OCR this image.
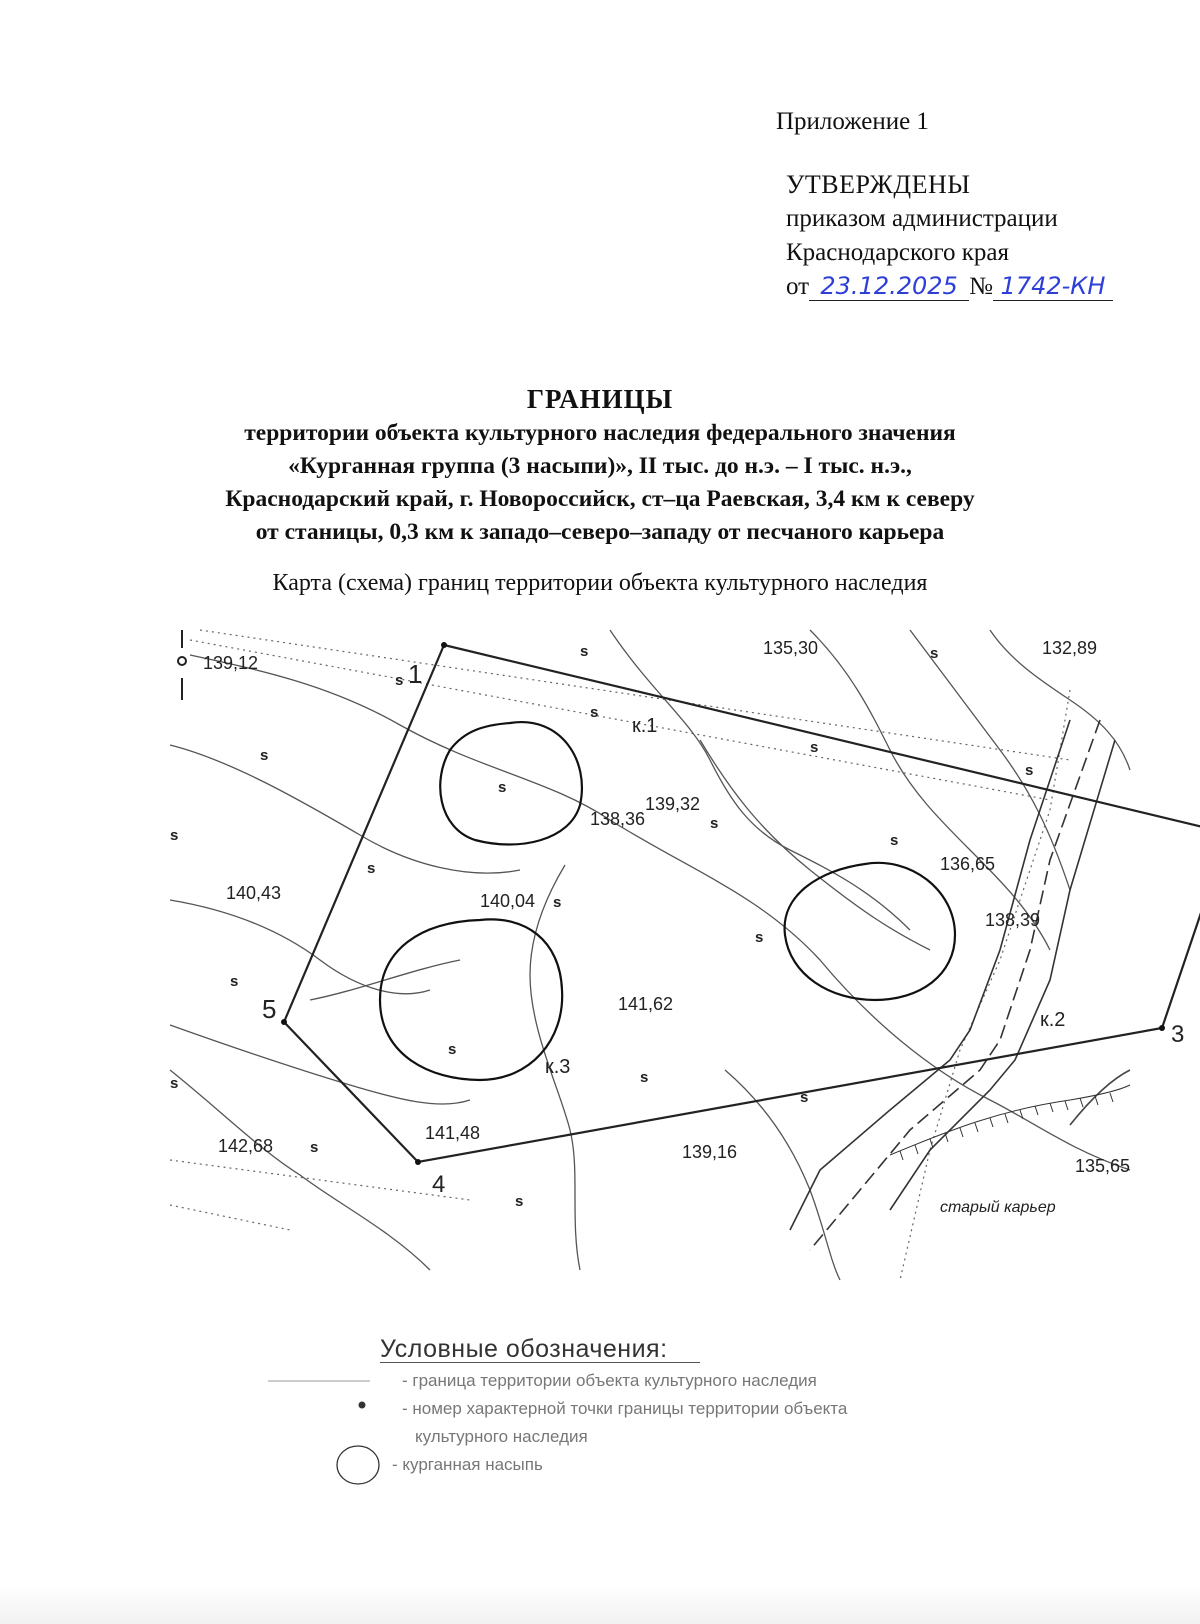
Приложение 1
УТВЕРЖДЕНЫ
приказом администрации
Краснодарского края
от 23.12.2025 № 1742-КН
ГРАНИЦЫ
территории объекта культурного наследия федерального значения
«Курганная группа (3 насыпи)», II тыс. до н.э. – I тыс. н.э.,
Краснодарский край, г. Новороссийск, ст–ца Раевская, 3,4 км к северу
от станицы, 0,3 км к западо–северо–западу от песчаного карьера
Карта (схема) границ территории объекта культурного наследия
1
3
4
5
к.1
139,32
к.2
138,39
к.3
141,62
139,12
135,30	132,89
138,36
136,65
140,43	140,04
142,68
141,48
139,16
135,65
старый карьер
s	s
s
s
s
s
s
s
s
s	s
s
s
s
s
s
s
s
s
s
s
Условные обозначения:
- граница территории объекта культурного наследия
- номер характерной точки границы территории объекта
культурного наследия
- курганная насыпь
